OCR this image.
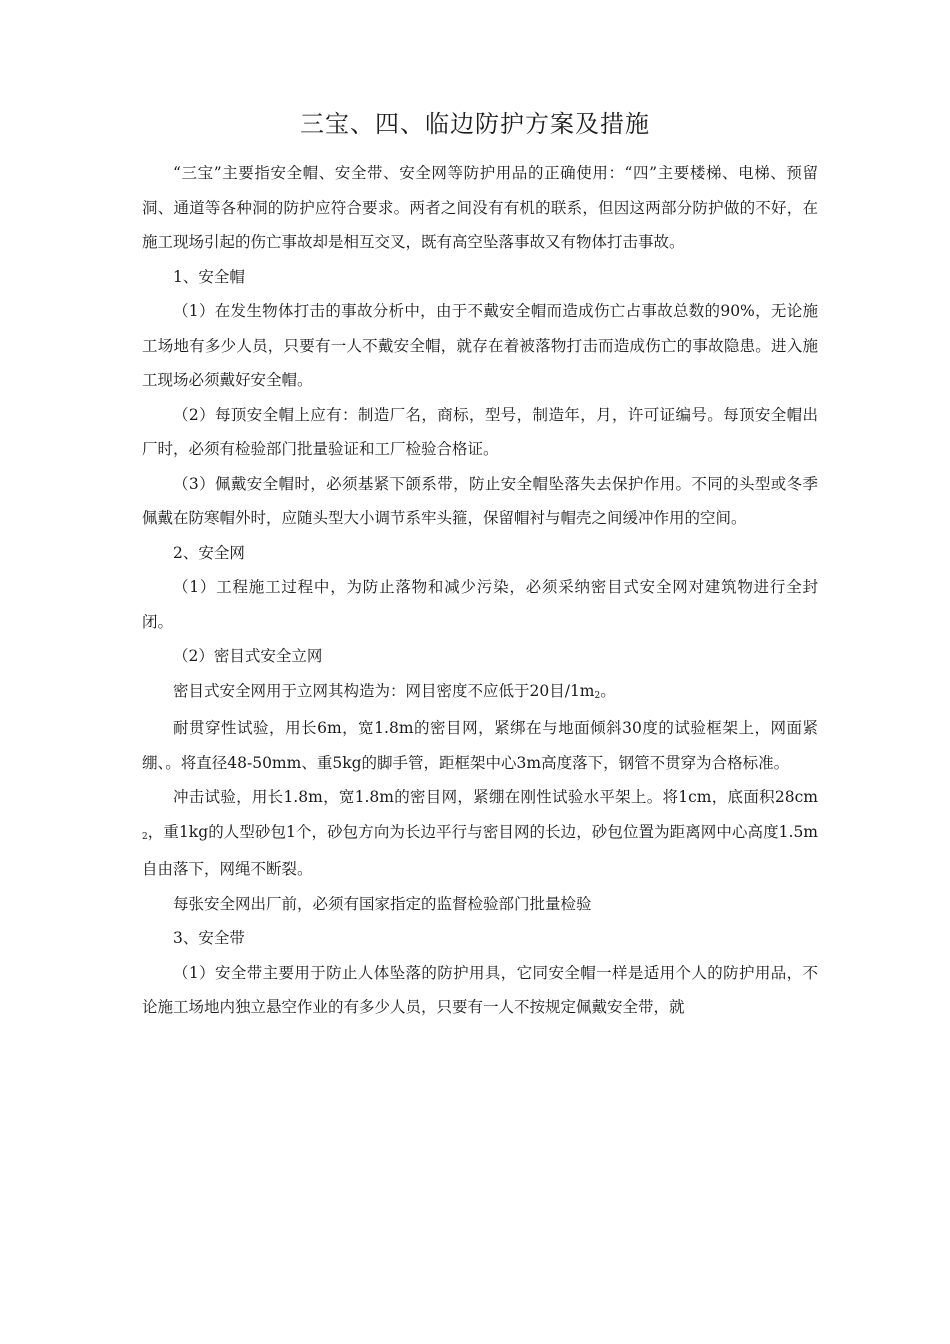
三宝、四、临边防护方案及措施

“三宝”主要指安全帽、安全带、安全网等防护用品的正确使用：“四”主要楼梯、电梯、预留洞、通道等各种洞的防护应符合要求。两者之间没有有机的联系，但因这两部分防护做的不好，在施工现场引起的伤亡事故却是相互交叉，既有高空坠落事故又有物体打击事故。

1、安全帽

（1）在发生物体打击的事故分析中，由于不戴安全帽而造成伤亡占事故总数的90%，无论施工场地有多少人员，只要有一人不戴安全帽，就存在着被落物打击而造成伤亡的事故隐患。进入施工现场必须戴好安全帽。

（2）每顶安全帽上应有：制造厂名，商标，型号，制造年，月，许可证编号。每顶安全帽出厂时，必须有检验部门批量验证和工厂检验合格证。

（3）佩戴安全帽时，必须基紧下颌系带，防止安全帽坠落失去保护作用。不同的头型或冬季佩戴在防寒帽外时，应随头型大小调节系牢头箍，保留帽衬与帽壳之间缓冲作用的空间。

2、安全网

（1）工程施工过程中，为防止落物和减少污染，必须采纳密目式安全网对建筑物进行全封闭。

（2）密目式安全立网

密目式安全网用于立网其构造为：网目密度不应低于20目$/1m_2$。

耐贯穿性试验，用长6m，宽1.8m的密目网，紧绑在与地面倾斜30度的试验框架上，网面紧绷、。将直径48-50mm、重5kg的脚手管，距框架中心3m高度落下，钢管不贯穿为合格标准。

冲击试验，用长1.8m，宽1.8m的密目网，紧绷在刚性试验水平架上。将1cm，底面积$28cm_2$，重1kg的人型砂包1个，砂包方向为长边平行与密目网的长边，砂包位置为距离网中心高度1.5m自由落下，网绳不断裂。

每张安全网出厂前，必须有国家指定的监督检验部门批量检验

3、安全带

（1）安全带主要用于防止人体坠落的防护用具，它同安全帽一样是适用个人的防护用品，不论施工场地内独立悬空作业的有多少人员，只要有一人不按规定佩戴安全带，就
